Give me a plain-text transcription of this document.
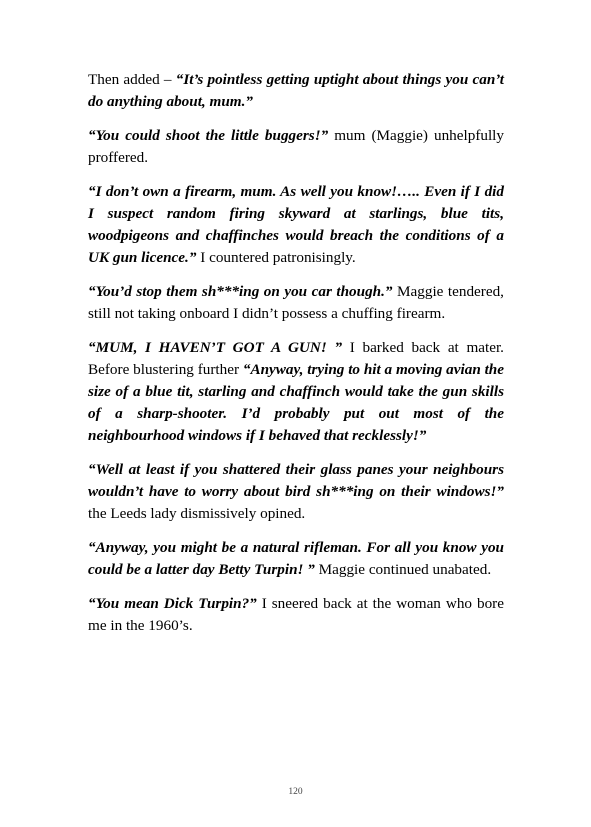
Then added – “It’s pointless getting uptight about things you can’t do anything about, mum.”

“You could shoot the little buggers!” mum (Maggie) unhelpfully proffered.

“I don’t own a firearm, mum. As well you know!….. Even if I did I suspect random firing skyward at starlings, blue tits, woodpigeons and chaffinches would breach the conditions of a UK gun licence.” I countered patronisingly.

“You’d stop them sh***ing on you car though.” Maggie tendered, still not taking onboard I didn’t possess a chuffing firearm.

“MUM, I HAVEN’T GOT A GUN! ” I barked back at mater. Before blustering further “Anyway, trying to hit a moving avian the size of a blue tit, starling and chaffinch would take the gun skills of a sharp-shooter. I’d probably put out most of the neighbourhood windows if I behaved that recklessly!”

“Well at least if you shattered their glass panes your neighbours wouldn’t have to worry about bird sh***ing on their windows!” the Leeds lady dismissively opined.

“Anyway, you might be a natural rifleman. For all you know you could be a latter day Betty Turpin! ” Maggie continued unabated.

“You mean Dick Turpin?” I sneered back at the woman who bore me in the 1960’s.

120
